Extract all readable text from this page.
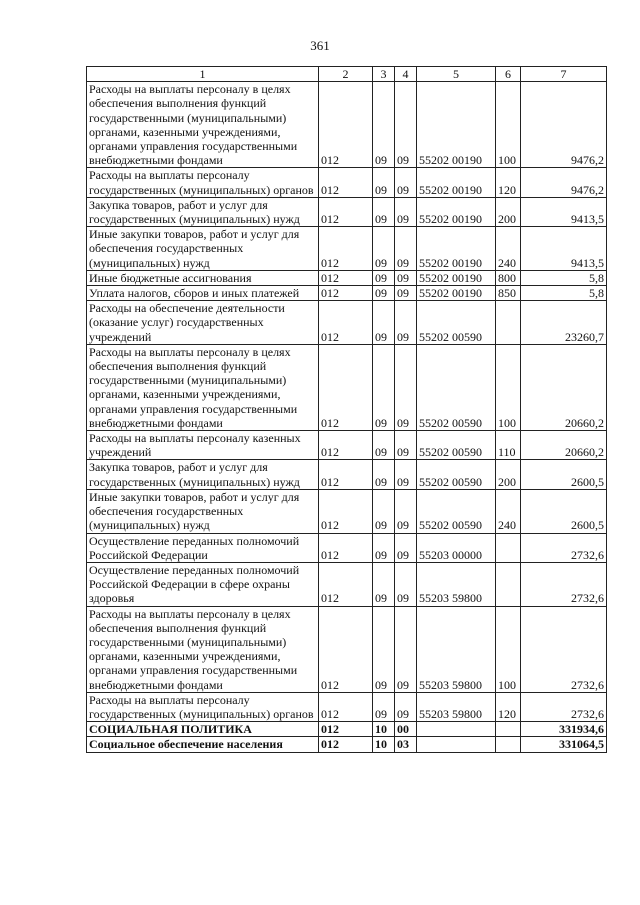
361
1	2	3	4	5	6	7
Расходы на выплаты персоналу в целях обеспечения выполнения функций государственными (муниципальными) органами, казенными учреждениями, органами управления государственными внебюджетными фондами	012	09	09	55202 00190	100	9476,2
Расходы на выплаты персоналу государственных (муниципальных) органов	012	09	09	55202 00190	120	9476,2
Закупка товаров, работ и услуг для государственных (муниципальных) нужд	012	09	09	55202 00190	200	9413,5
Иные закупки товаров, работ и услуг для обеспечения государственных (муниципальных) нужд	012	09	09	55202 00190	240	9413,5
Иные бюджетные ассигнования	012	09	09	55202 00190	800	5,8
Уплата налогов, сборов и иных платежей	012	09	09	55202 00190	850	5,8
Расходы на обеспечение деятельности (оказание услуг) государственных учреждений	012	09	09	55202 00590		23260,7
Расходы на выплаты персоналу в целях обеспечения выполнения функций государственными (муниципальными) органами, казенными учреждениями, органами управления государственными внебюджетными фондами	012	09	09	55202 00590	100	20660,2
Расходы на выплаты персоналу казенных учреждений	012	09	09	55202 00590	110	20660,2
Закупка товаров, работ и услуг для государственных (муниципальных) нужд	012	09	09	55202 00590	200	2600,5
Иные закупки товаров, работ и услуг для обеспечения государственных (муниципальных) нужд	012	09	09	55202 00590	240	2600,5
Осуществление переданных полномочий Российской Федерации	012	09	09	55203 00000		2732,6
Осуществление переданных полномочий Российской Федерации в сфере охраны здоровья	012	09	09	55203 59800		2732,6
Расходы на выплаты персоналу в целях обеспечения выполнения функций государственными (муниципальными) органами, казенными учреждениями, органами управления государственными внебюджетными фондами	012	09	09	55203 59800	100	2732,6
Расходы на выплаты персоналу государственных (муниципальных) органов	012	09	09	55203 59800	120	2732,6
СОЦИАЛЬНАЯ ПОЛИТИКА	012	10	00			331934,6
Социальное обеспечение населения	012	10	03			331064,5
